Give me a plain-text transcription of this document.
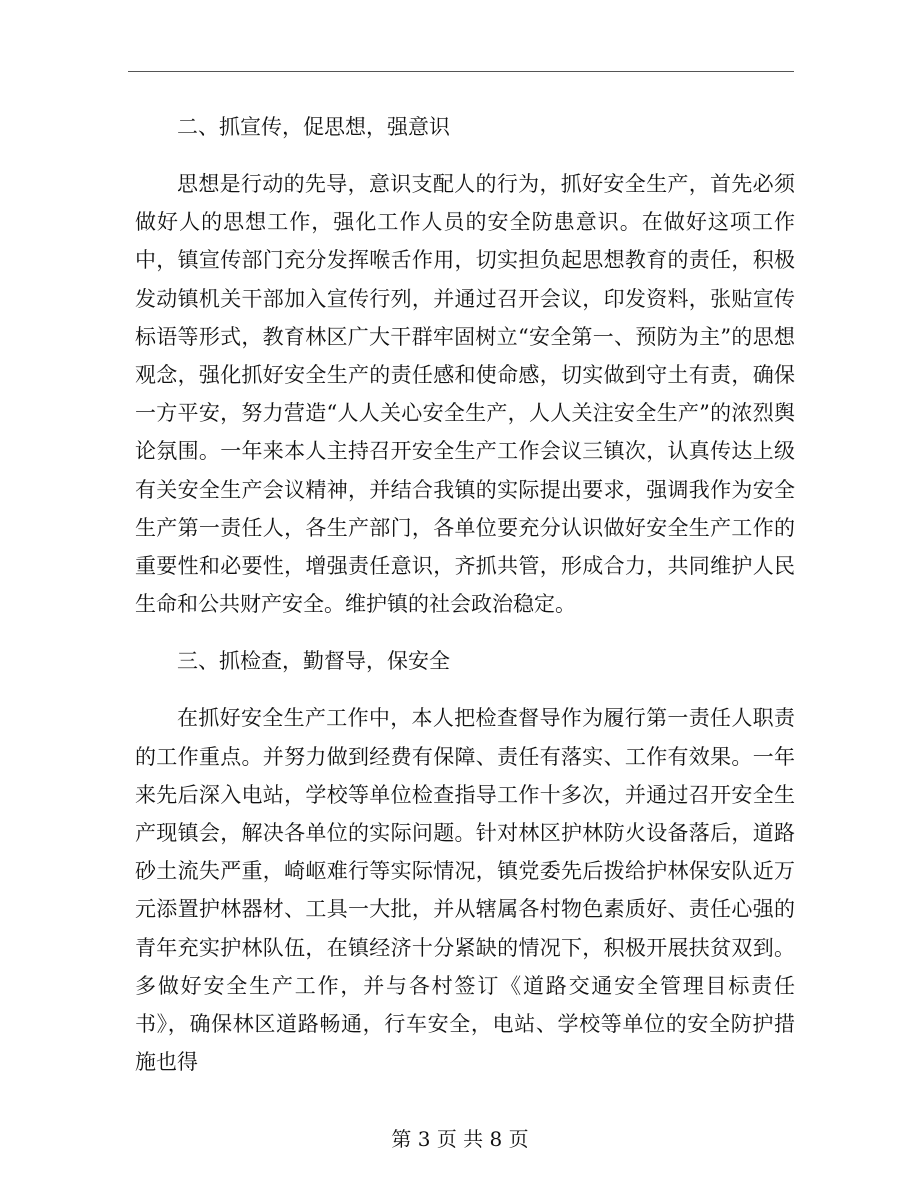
二、抓宣传，促思想，强意识

思想是行动的先导，意识支配人的行为，抓好安全生产，首先必须做好人的思想工作，强化工作人员的安全防患意识。在做好这项工作中，镇宣传部门充分发挥喉舌作用，切实担负起思想教育的责任，积极发动镇机关干部加入宣传行列，并通过召开会议，印发资料，张贴宣传标语等形式，教育林区广大干群牢固树立“安全第一、预防为主”的思想观念，强化抓好安全生产的责任感和使命感，切实做到守土有责，确保一方平安，努力营造“人人关心安全生产，人人关注安全生产”的浓烈舆论氛围。一年来本人主持召开安全生产工作会议三镇次，认真传达上级有关安全生产会议精神，并结合我镇的实际提出要求，强调我作为安全生产第一责任人，各生产部门，各单位要充分认识做好安全生产工作的重要性和必要性，增强责任意识，齐抓共管，形成合力，共同维护人民生命和公共财产安全。维护镇的社会政治稳定。

三、抓检查，勤督导，保安全

在抓好安全生产工作中，本人把检查督导作为履行第一责任人职责的工作重点。并努力做到经费有保障、责任有落实、工作有效果。一年来先后深入电站，学校等单位检查指导工作十多次，并通过召开安全生产现镇会，解决各单位的实际问题。针对林区护林防火设备落后，道路砂土流失严重，崎岖难行等实际情况，镇党委先后拨给护林保安队近万元添置护林器材、工具一大批，并从辖属各村物色素质好、责任心强的青年充实护林队伍，在镇经济十分紧缺的情况下，积极开展扶贫双到。多做好安全生产工作，并与各村签订《道路交通安全管理目标责任书》，确保林区道路畅通，行车安全，电站、学校等单位的安全防护措施也得

第 3 页 共 8 页
